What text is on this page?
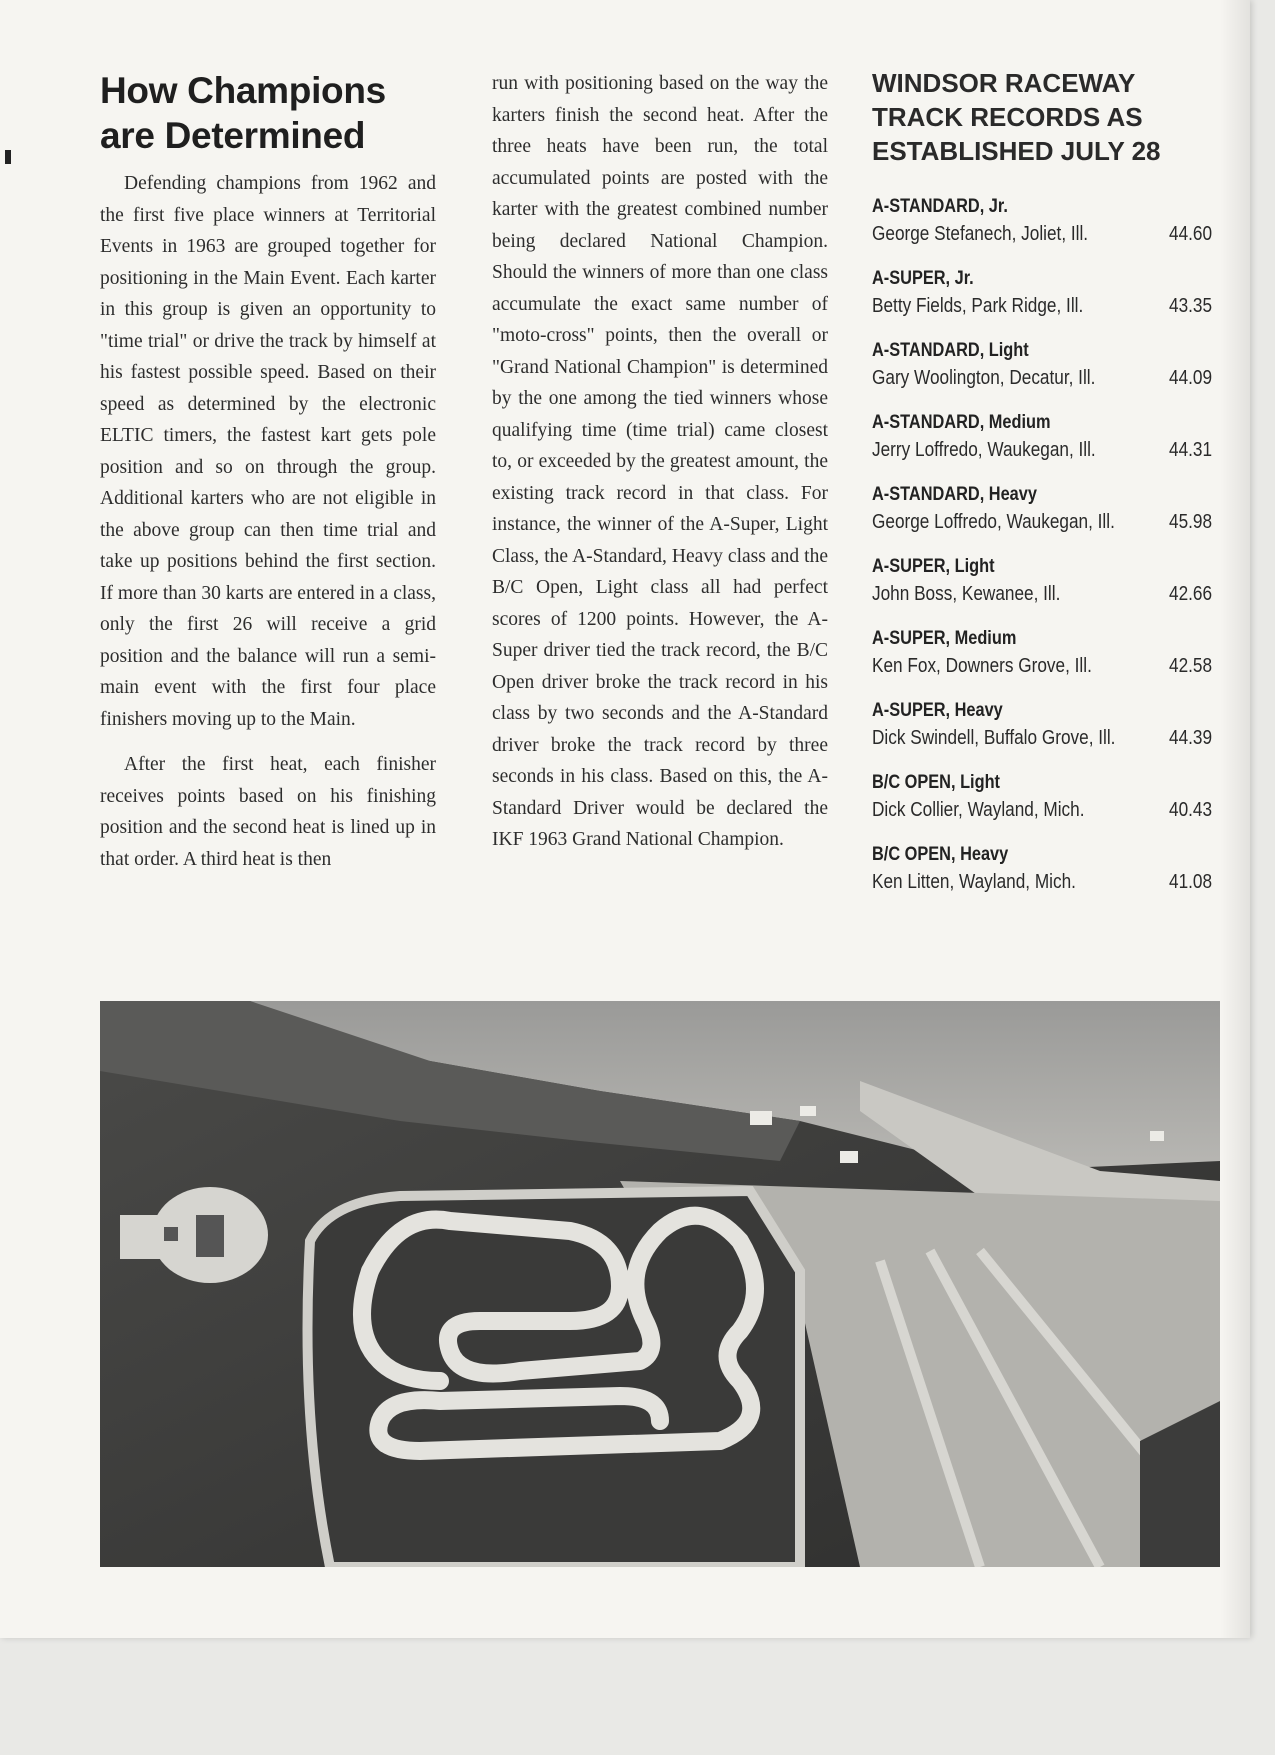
How Champions
are Determined

Defending champions from 1962 and the first five place winners at Territorial Events in 1963 are grouped together for positioning in the Main Event. Each karter in this group is given an opportunity to "time trial" or drive the track by himself at his fastest possible speed. Based on their speed as determined by the electronic ELTIC timers, the fastest kart gets pole position and so on through the group. Additional karters who are not eligible in the above group can then time trial and take up positions behind the first section. If more than 30 karts are entered in a class, only the first 26 will receive a grid position and the balance will run a semi-main event with the first four place finishers moving up to the Main.

After the first heat, each finisher receives points based on his finishing position and the second heat is lined up in that order. A third heat is then

run with positioning based on the way the karters finish the second heat. After the three heats have been run, the total accumulated points are posted with the karter with the greatest combined number being declared National Champion. Should the winners of more than one class accumulate the exact same number of "moto-cross" points, then the overall or "Grand National Champion" is determined by the one among the tied winners whose qualifying time (time trial) came closest to, or exceeded by the greatest amount, the existing track record in that class. For instance, the winner of the A-Super, Light Class, the A-Standard, Heavy class and the B/C Open, Light class all had perfect scores of 1200 points. However, the A-Super driver tied the track record, the B/C Open driver broke the track record in his class by two seconds and the A-Standard driver broke the track record by three seconds in his class. Based on this, the A-Standard Driver would be declared the IKF 1963 Grand National Champion.

WINDSOR RACEWAY
TRACK RECORDS AS
ESTABLISHED JULY 28
A-STANDARD, Jr.
George Stefanech, Joliet, Ill.	44.60
A-SUPER, Jr.
Betty Fields, Park Ridge, Ill.	43.35
A-STANDARD, Light
Gary Woolington, Decatur, Ill.	44.09
A-STANDARD, Medium
Jerry Loffredo, Waukegan, Ill.	44.31
A-STANDARD, Heavy
George Loffredo, Waukegan, Ill.	45.98
A-SUPER, Light
John Boss, Kewanee, Ill.	42.66
A-SUPER, Medium
Ken Fox, Downers Grove, Ill.	42.58
A-SUPER, Heavy
Dick Swindell, Buffalo Grove, Ill.	44.39
B/C OPEN, Light
Dick Collier, Wayland, Mich.	40.43
B/C OPEN, Heavy
Ken Litten, Wayland, Mich.	41.08
